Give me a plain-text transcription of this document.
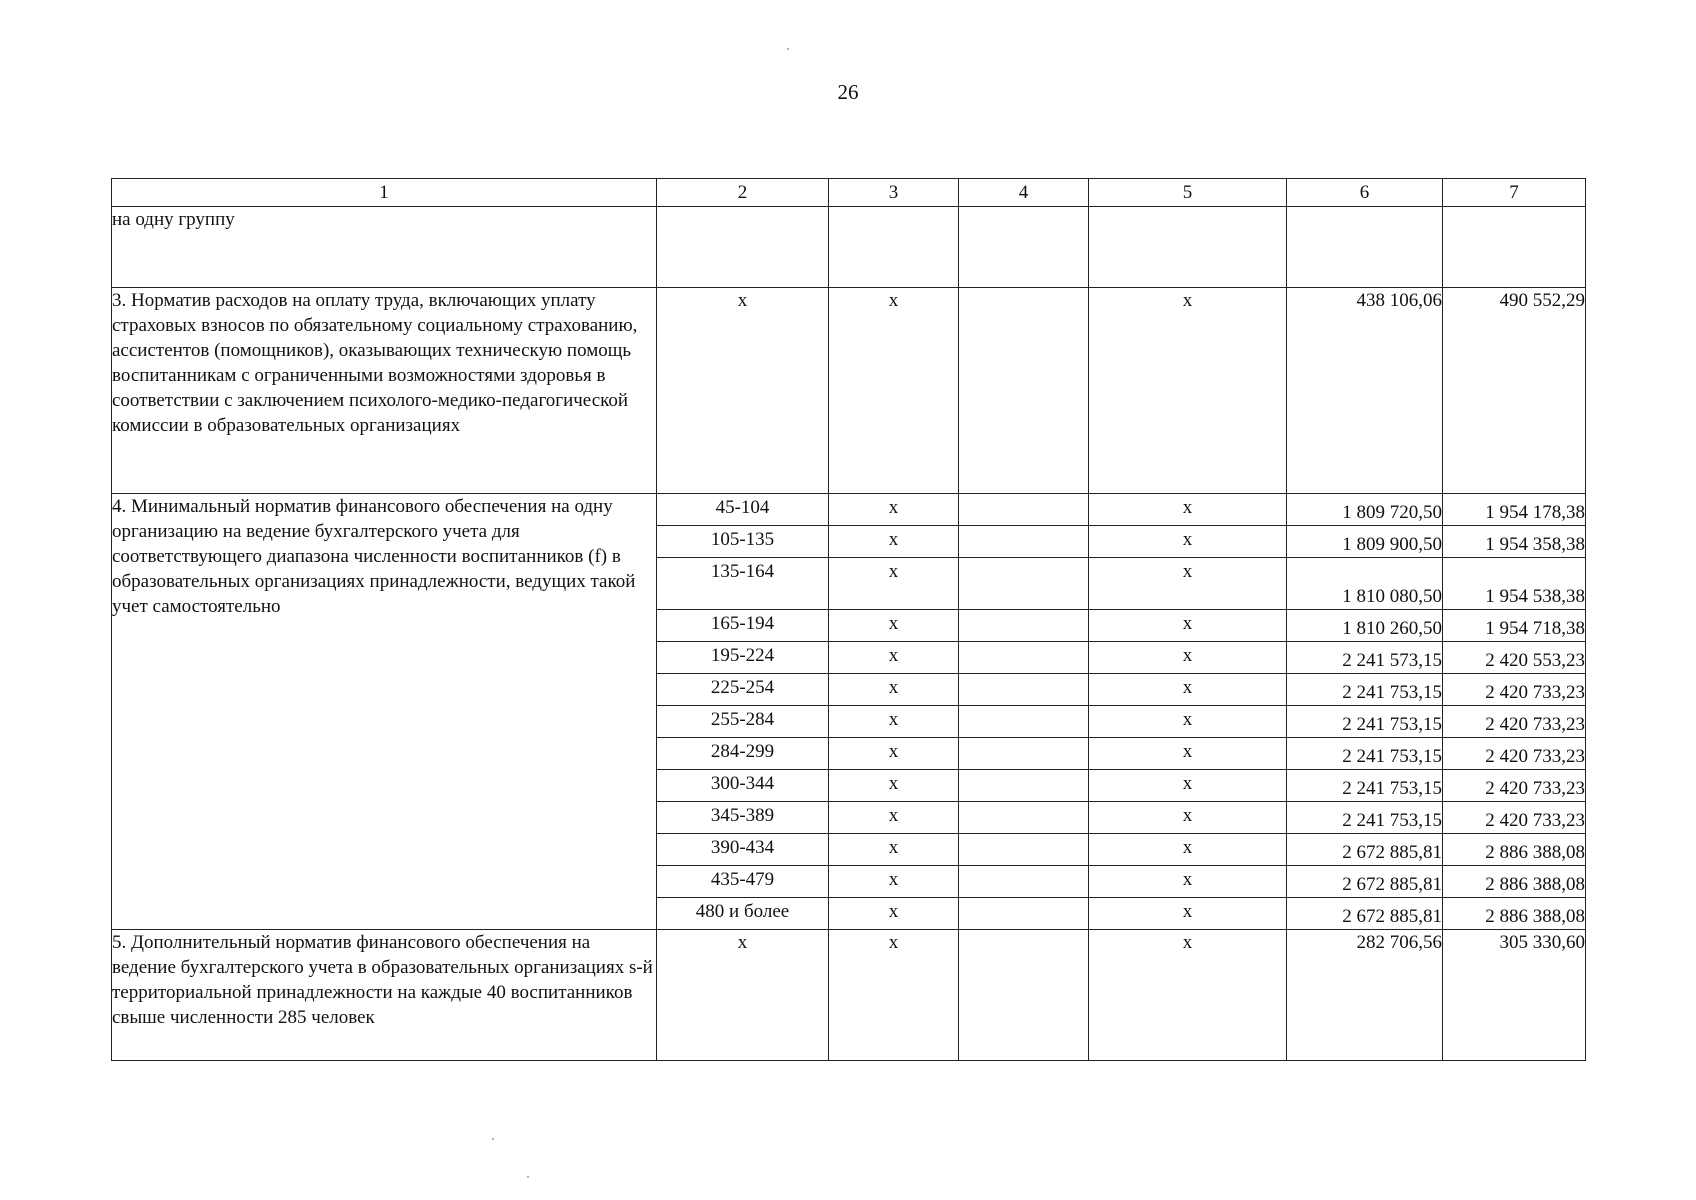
26
1	2	3	4	5	6	7
на одну группу						
3. Норматив расходов на оплату труда, включающих уплату страховых взносов по обязательному социальному страхованию, ассистентов (помощников), оказывающих техническую помощь воспитанникам с ограниченными возможностями здоровья в соответствии с заключением психолого-медико-педагогической комиссии в образовательных организациях	х	х		х	438 106,06	490 552,29
4. Минимальный норматив финансового обеспечения на одну организацию на ведение бухгалтерского учета для соответствующего диапазона численности воспитанников (f) в образовательных организациях принадлежности, ведущих такой учет самостоятельно	45-104	х		х	1 809 720,50	1 954 178,38
	105-135	х		х	1 809 900,50	1 954 358,38
	135-164	х		х	1 810 080,50	1 954 538,38
	165-194	х		х	1 810 260,50	1 954 718,38
	195-224	х		х	2 241 573,15	2 420 553,23
	225-254	х		х	2 241 753,15	2 420 733,23
	255-284	х		х	2 241 753,15	2 420 733,23
	284-299	х		х	2 241 753,15	2 420 733,23
	300-344	х		х	2 241 753,15	2 420 733,23
	345-389	х		х	2 241 753,15	2 420 733,23
	390-434	х		х	2 672 885,81	2 886 388,08
	435-479	х		х	2 672 885,81	2 886 388,08
	480 и более	х		х	2 672 885,81	2 886 388,08
5. Дополнительный норматив финансового обеспечения на ведение бухгалтерского учета в образовательных организациях s-й территориальной принадлежности на каждые 40 воспитанников свыше численности 285 человек	х	х		х	282 706,56	305 330,60
